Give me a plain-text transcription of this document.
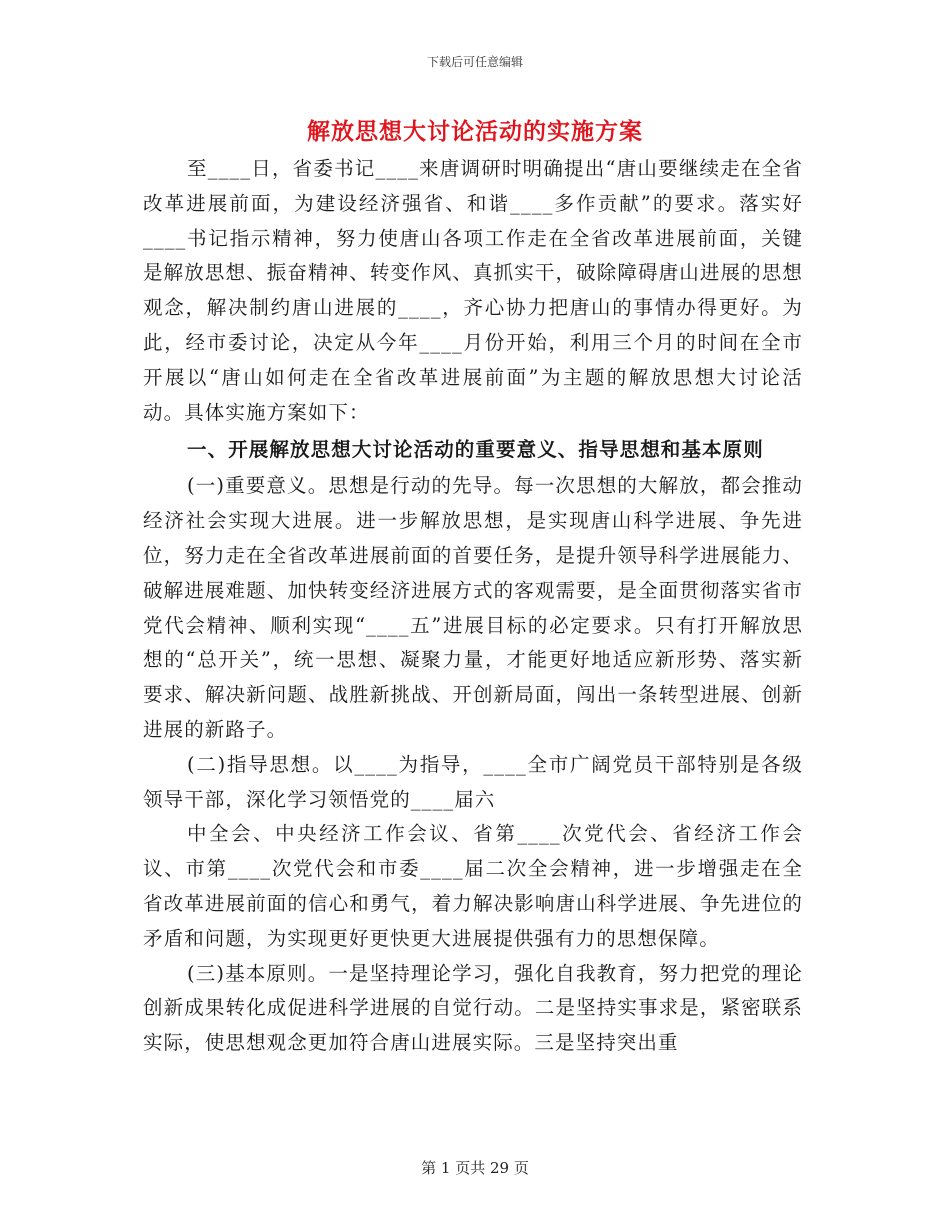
下载后可任意编辑
解放思想大讨论活动的实施方案

至____日，省委书记____来唐调研时明确提出“唐山要继续走在全省改革进展前面，为建设经济强省、和谐____多作贡献”的要求。落实好____书记指示精神，努力使唐山各项工作走在全省改革进展前面，关键是解放思想、振奋精神、转变作风、真抓实干，破除障碍唐山进展的思想观念，解决制约唐山进展的____，齐心协力把唐山的事情办得更好。为此，经市委讨论，决定从今年____月份开始，利用三个月的时间在全市开展以“唐山如何走在全省改革进展前面”为主题的解放思想大讨论活动。具体实施方案如下：

一、开展解放思想大讨论活动的重要意义、指导思想和基本原则

(一)重要意义。思想是行动的先导。每一次思想的大解放，都会推动经济社会实现大进展。进一步解放思想，是实现唐山科学进展、争先进位，努力走在全省改革进展前面的首要任务，是提升领导科学进展能力、破解进展难题、加快转变经济进展方式的客观需要，是全面贯彻落实省市党代会精神、顺利实现“____五”进展目标的必定要求。只有打开解放思想的“总开关”，统一思想、凝聚力量，才能更好地适应新形势、落实新要求、解决新问题、战胜新挑战、开创新局面，闯出一条转型进展、创新进展的新路子。

(二)指导思想。以____为指导，____全市广阔党员干部特别是各级领导干部，深化学习领悟党的____届六

中全会、中央经济工作会议、省第____次党代会、省经济工作会议、市第____次党代会和市委____届二次全会精神，进一步增强走在全省改革进展前面的信心和勇气，着力解决影响唐山科学进展、争先进位的矛盾和问题，为实现更好更快更大进展提供强有力的思想保障。

(三)基本原则。一是坚持理论学习，强化自我教育，努力把党的理论创新成果转化成促进科学进展的自觉行动。二是坚持实事求是，紧密联系实际，使思想观念更加符合唐山进展实际。三是坚持突出重

第 1 页共 29 页
